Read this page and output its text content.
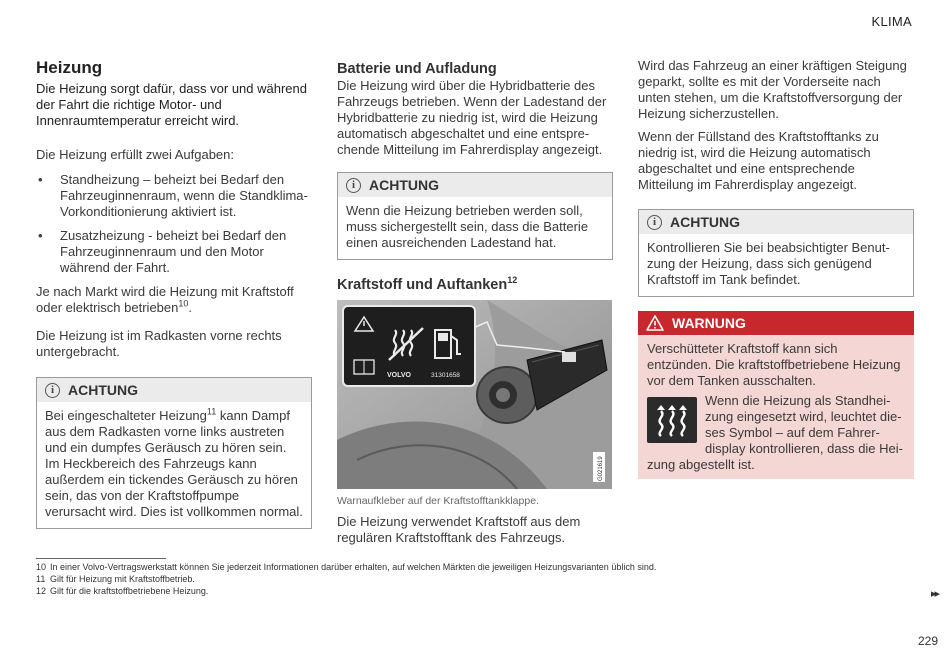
KLIMA
Heizung

Die Heizung sorgt dafür, dass vor und während der Fahrt die richtige Motor- und Innenraumtemperatur erreicht wird.

Die Heizung erfüllt zwei Aufgaben:

• Standheizung – beheizt bei Bedarf den Fahrzeuginnenraum, wenn die Standklima-Vorkonditionierung aktiviert ist.
• Zusatzheizung - beheizt bei Bedarf den Fahrzeuginnenraum und den Motor während der Fahrt.

Je nach Markt wird die Heizung mit Kraftstoff oder elektrisch betrieben$^{10}$.

Die Heizung ist im Radkasten vorne rechts untergebracht.

i ACHTUNG
Bei eingeschalteter Heizung$^{11}$ kann Dampf aus dem Radkasten vorne links austreten und ein dumpfes Geräusch zu hören sein. Im Heckbereich des Fahrzeugs kann außerdem ein tickendes Geräusch zu hören sein, das von der Kraftstoffpumpe verursacht wird. Dies ist vollkommen normal.
Batterie und Aufladung

Die Heizung wird über die Hybridbatterie des Fahrzeugs betrieben. Wenn der Ladestand der Hybridbatterie zu niedrig ist, wird die Heizung automatisch abgeschaltet und eine entsprechende Mitteilung im Fahrerdisplay angezeigt.

i ACHTUNG
Wenn die Heizung betrieben werden soll, muss sichergestellt sein, dass die Batterie einen ausreichenden Ladestand hat.
Kraftstoff und Auftanken$^{12}$
VOLVO	31301658
G021619

Warnaufkleber auf der Kraftstofftankklappe.

Die Heizung verwendet Kraftstoff aus dem regulären Kraftstofftank des Fahrzeugs.

Wird das Fahrzeug an einer kräftigen Steigung geparkt, sollte es mit der Vorderseite nach unten stehen, um die Kraftstoffversorgung der Heizung sicherzustellen.

Wenn der Füllstand des Kraftstofftanks zu niedrig ist, wird die Heizung automatisch abgeschaltet und eine entsprechende Mitteilung im Fahrerdisplay angezeigt.

i ACHTUNG
Kontrollieren Sie bei beabsichtigter Benutzung der Heizung, dass sich genügend Kraftstoff im Tank befindet.
WARNUNG

Verschütteter Kraftstoff kann sich entzünden. Die kraftstoffbetriebene Heizung vor dem Tanken ausschalten.

Wenn die Heizung als Standheizung eingesetzt wird, leuchtet dieses Symbol – auf dem Fahrerdisplay kontrollieren, dass die Heizung abgestellt ist.

10 In einer Volvo-Vertragswerkstatt können Sie jederzeit Informationen darüber erhalten, auf welchen Märkten die jeweiligen Heizungsvarianten üblich sind.
11 Gilt für Heizung mit Kraftstoffbetrieb.
12 Gilt für die kraftstoffbetriebene Heizung.	▸▸
229
